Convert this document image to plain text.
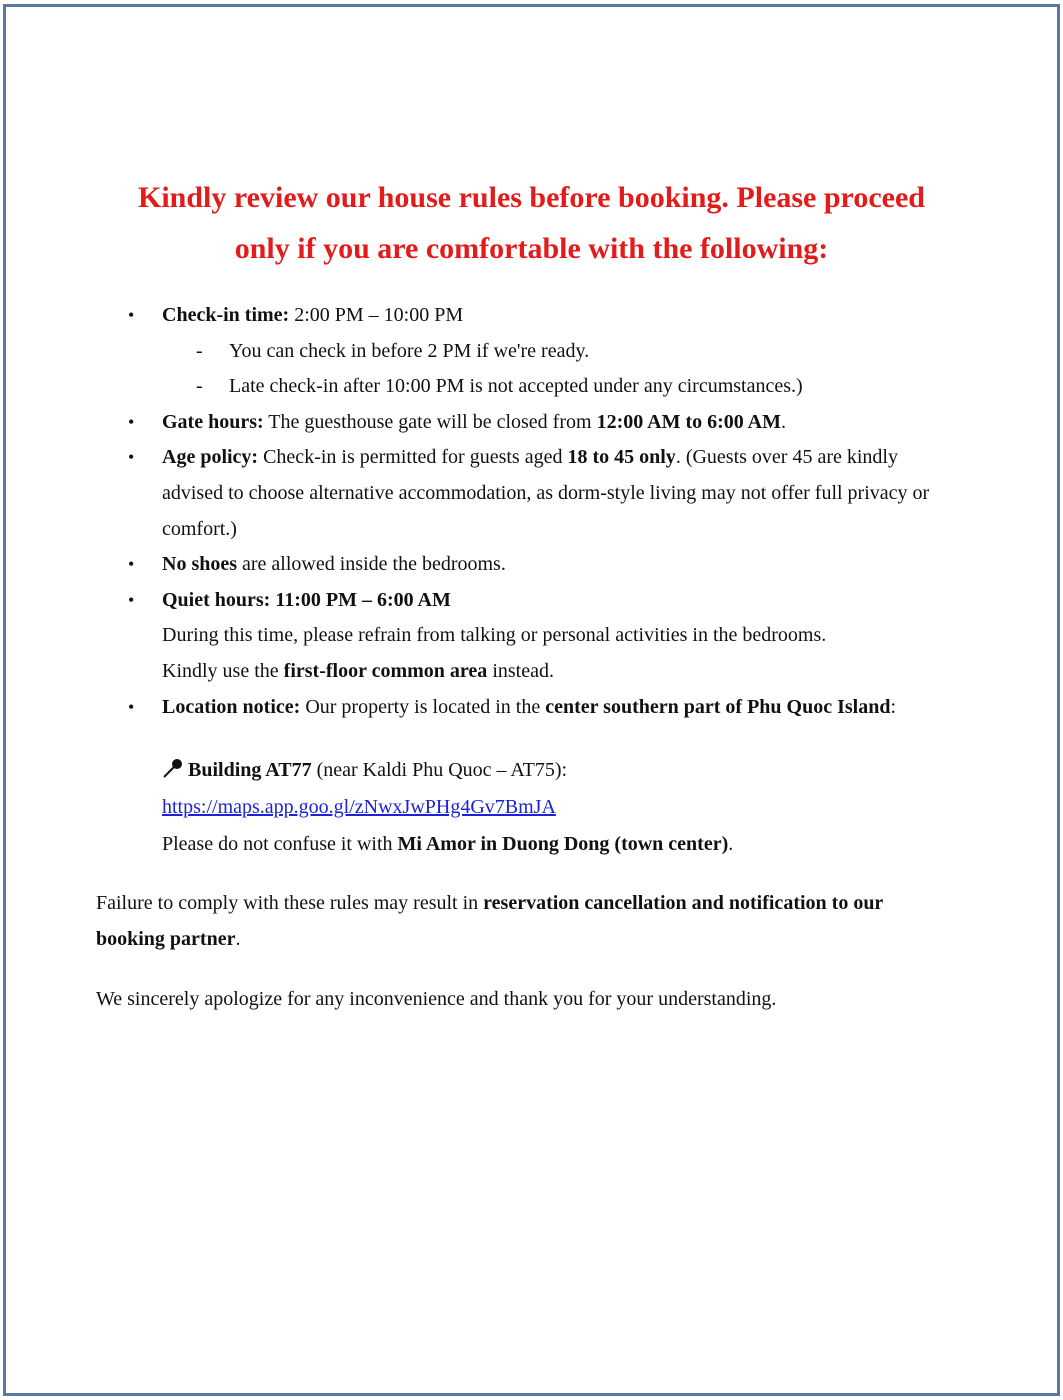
Kindly review our house rules before booking. Please proceed
only if you are comfortable with the following:
• Check-in time: 2:00 PM – 10:00 PM
- You can check in before 2 PM if we're ready.
- Late check-in after 10:00 PM is not accepted under any circumstances.)
• Gate hours: The guesthouse gate will be closed from 12:00 AM to 6:00 AM.
• Age policy: Check-in is permitted for guests aged 18 to 45 only. (Guests over 45 are kindly advised to choose alternative accommodation, as dorm-style living may not offer full privacy or comfort.)
• No shoes are allowed inside the bedrooms.
• Quiet hours: 11:00 PM – 6:00 AM
During this time, please refrain from talking or personal activities in the bedrooms.
Kindly use the first-floor common area instead.
• Location notice: Our property is located in the center southern part of Phu Quoc Island:
Building AT77 (near Kaldi Phu Quoc – AT75):
https://maps.app.goo.gl/zNwxJwPHg4Gv7BmJA
Please do not confuse it with Mi Amor in Duong Dong (town center).
Failure to comply with these rules may result in reservation cancellation and notification to our booking partner.
We sincerely apologize for any inconvenience and thank you for your understanding.
